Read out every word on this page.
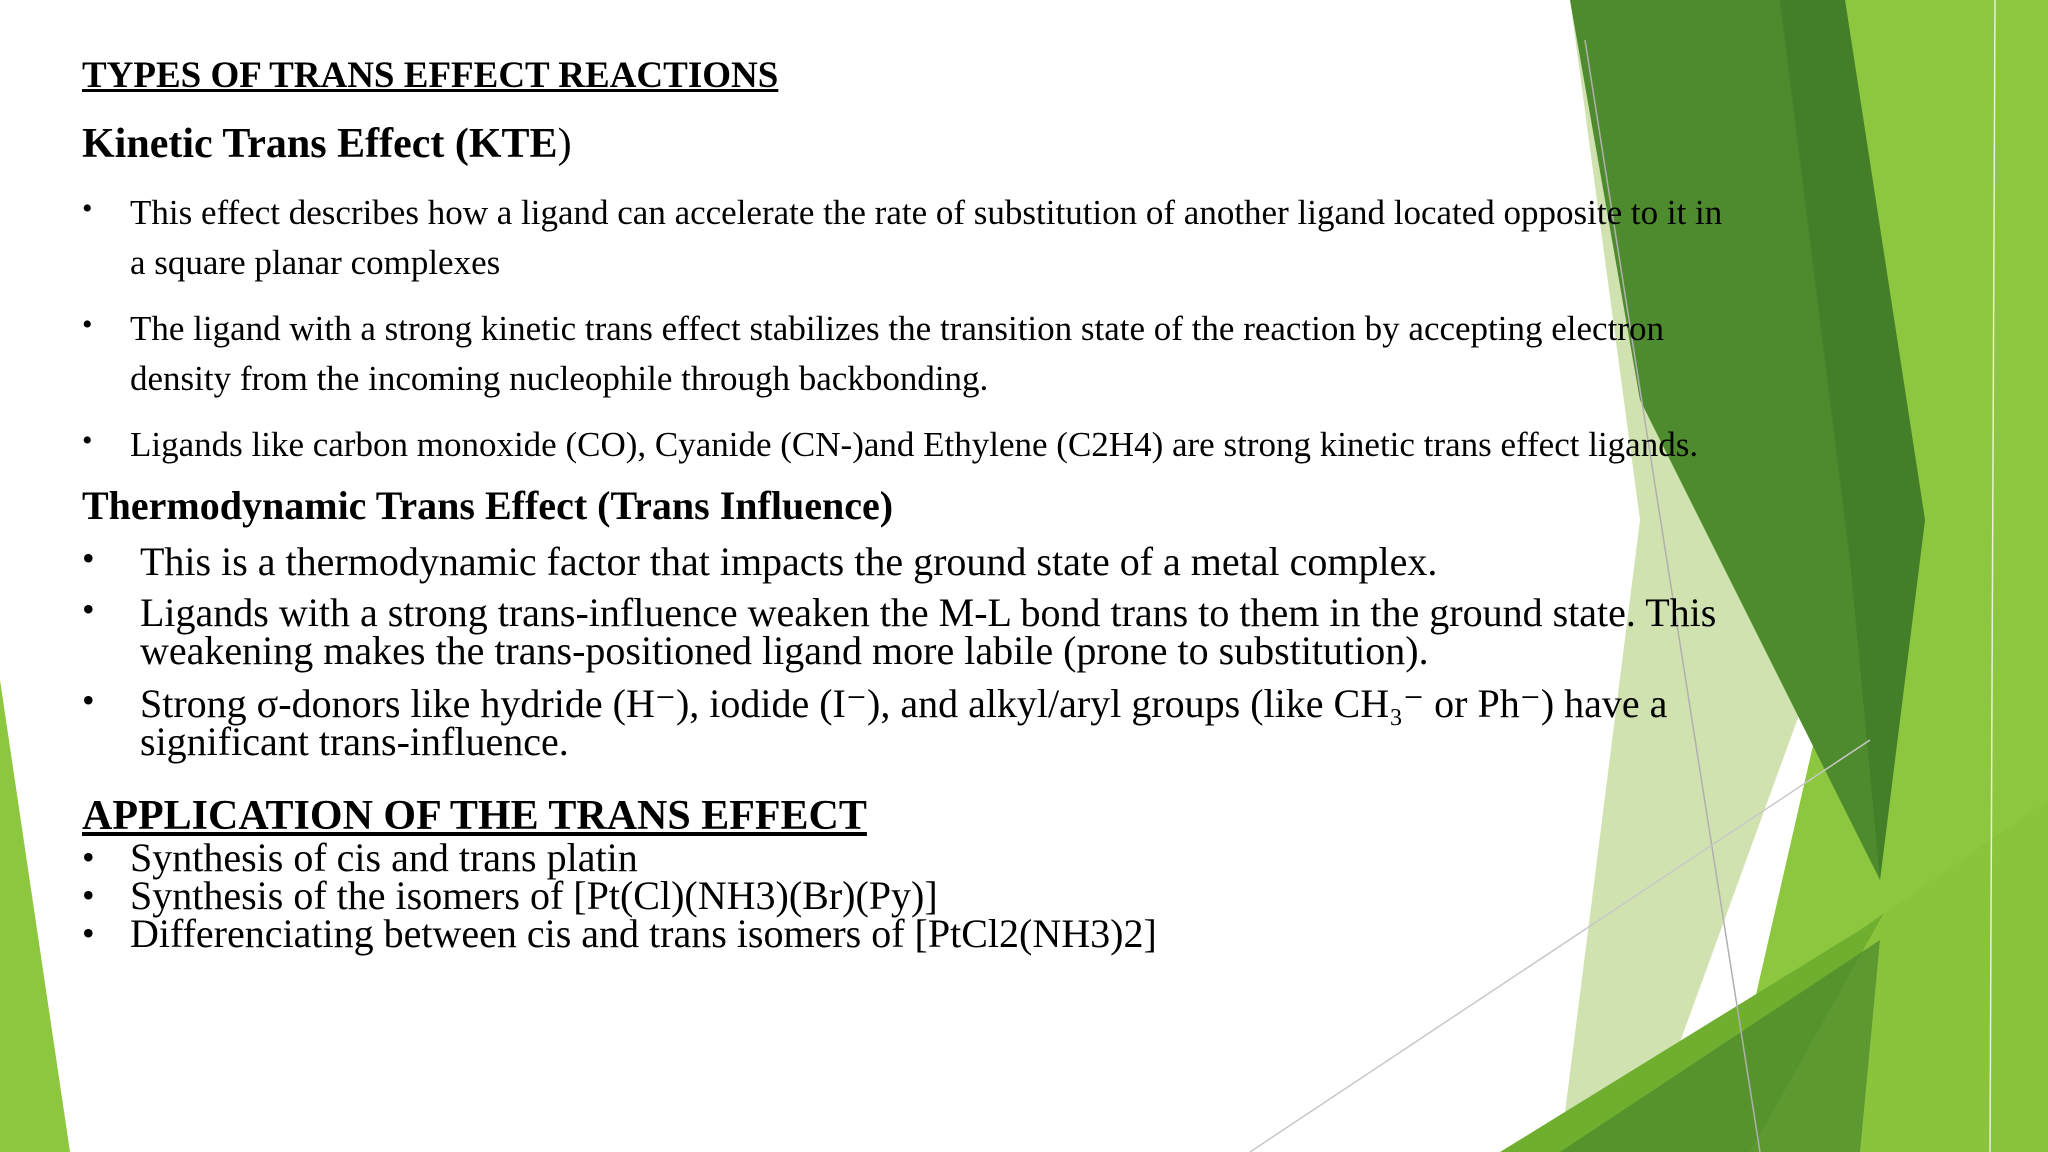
TYPES OF TRANS EFFECT REACTIONS
Kinetic Trans Effect (KTE)
• This effect describes how a ligand can accelerate the rate of substitution of another ligand located opposite to it in
a square planar complexes
• The ligand with a strong kinetic trans effect stabilizes the transition state of the reaction by accepting electron
density from the incoming nucleophile through backbonding.
• Ligands like carbon monoxide (CO), Cyanide (CN-)and Ethylene (C2H4) are strong kinetic trans effect ligands.
Thermodynamic Trans Effect (Trans Influence)
• This is a thermodynamic factor that impacts the ground state of a metal complex.
• Ligands with a strong trans-influence weaken the M-L bond trans to them in the ground state. This
weakening makes the trans-positioned ligand more labile (prone to substitution).
• Strong σ-donors like hydride (H⁻), iodide (I⁻), and alkyl/aryl groups (like CH₃⁻ or Ph⁻) have a
significant trans-influence.
APPLICATION OF THE TRANS EFFECT
• Synthesis of cis and trans platin
• Synthesis of the isomers of [Pt(Cl)(NH3)(Br)(Py)]
• Differenciating between cis and trans isomers of [PtCl2(NH3)2]
